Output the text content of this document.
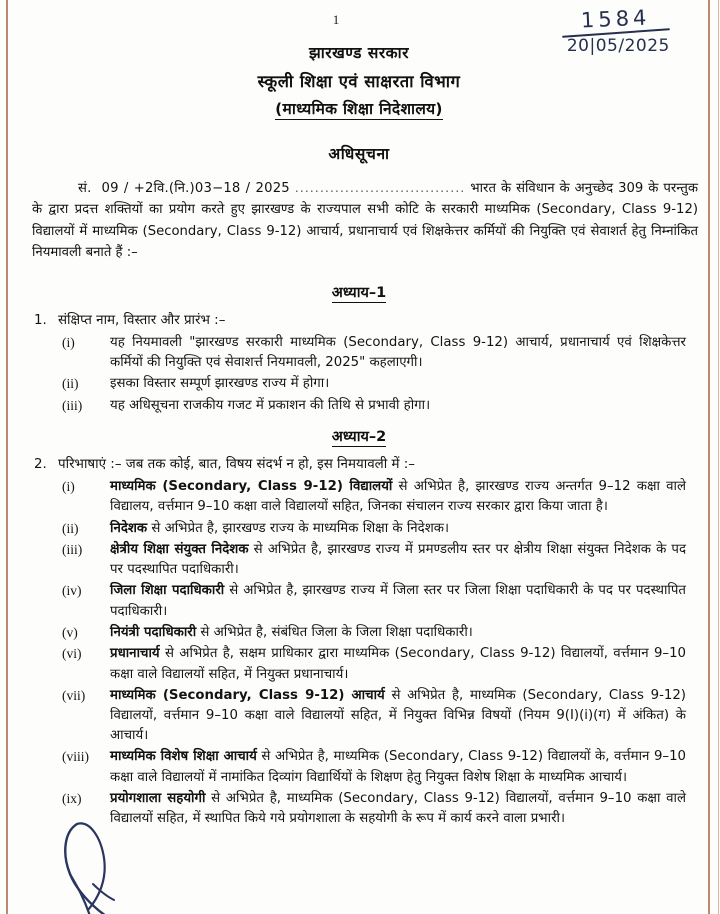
1	1584
20|05/2025
झारखण्ड सरकार
स्कूली शिक्षा एवं साक्षरता विभाग
(माध्यमिक शिक्षा निदेशालय)
अधिसूचना
सं. 09 / +2वि.(नि.)03−18 / 2025 .................................. भारत के संविधान के अनुच्छेद 309 के परन्तुक के द्वारा प्रदत्त शक्तियों का प्रयोग करते हुए झारखण्ड के राज्यपाल सभी कोटि के सरकारी माध्यमिक (Secondary, Class 9-12) विद्यालयों में माध्यमिक (Secondary, Class 9-12) आचार्य, प्रधानाचार्य एवं शिक्षकेत्तर कर्मियों की नियुक्ति एवं सेवाशर्त हेतु निम्नांकित नियमावली बनाते हैं :–
अध्याय–1
1. संक्षिप्त नाम, विस्तार और प्रारंभ :–
(i)	यह नियमावली "झारखण्ड सरकारी माध्यमिक (Secondary, Class 9-12) आचार्य, प्रधानाचार्य एवं शिक्षकेत्तर कर्मियों की नियुक्ति एवं सेवाशर्त्त नियमावली, 2025" कहलाएगी।
(ii)	इसका विस्तार सम्पूर्ण झारखण्ड राज्य में होगा।
(iii)	यह अधिसूचना राजकीय गजट में प्रकाशन की तिथि से प्रभावी होगा।
अध्याय–2
2. परिभाषाएं :– जब तक कोई, बात, विषय संदर्भ न हो, इस निमयावली में :–
(i)	माध्यमिक (Secondary, Class 9-12) विद्यालयों से अभिप्रेत है, झारखण्ड राज्य अन्तर्गत 9–12 कक्षा वाले विद्यालय, वर्त्तमान 9–10 कक्षा वाले विद्यालयों सहित, जिनका संचालन राज्य सरकार द्वारा किया जाता है।
(ii)	निदेशक से अभिप्रेत है, झारखण्ड राज्य के माध्यमिक शिक्षा के निदेशक।
(iii)	क्षेत्रीय शिक्षा संयुक्त निदेशक से अभिप्रेत है, झारखण्ड राज्य में प्रमण्डलीय स्तर पर क्षेत्रीय शिक्षा संयुक्त निदेशक के पद पर पदस्थापित पदाधिकारी।
(iv)	जिला शिक्षा पदाधिकारी से अभिप्रेत है, झारखण्ड राज्य में जिला स्तर पर जिला शिक्षा पदाधिकारी के पद पर पदस्थापित पदाधिकारी।
(v)	नियंत्री पदाधिकारी से अभिप्रेत है, संबंधित जिला के जिला शिक्षा पदाधिकारी।
(vi)	प्रधानाचार्य से अभिप्रेत है, सक्षम प्राधिकार द्वारा माध्यमिक (Secondary, Class 9-12) विद्यालयों, वर्त्तमान 9–10 कक्षा वाले विद्यालयों सहित, में नियुक्त प्रधानाचार्य।
(vii)	माध्यमिक (Secondary, Class 9-12) आचार्य से अभिप्रेत है, माध्यमिक (Secondary, Class 9-12) विद्यालयों, वर्त्तमान 9–10 कक्षा वाले विद्यालयों सहित, में नियुक्त विभिन्न विषयों (नियम 9(I)(i)(ग) में अंकित) के आचार्य।
(viii)	माध्यमिक विशेष शिक्षा आचार्य से अभिप्रेत है, माध्यमिक (Secondary, Class 9-12) विद्यालयों के, वर्त्तमान 9–10 कक्षा वाले विद्यालयों में नामांकित दिव्यांग विद्यार्थियों के शिक्षण हेतु नियुक्त विशेष शिक्षा के माध्यमिक आचार्य।
(ix)	प्रयोगशाला सहयोगी से अभिप्रेत है, माध्यमिक (Secondary, Class 9-12) विद्यालयों, वर्त्तमान 9–10 कक्षा वाले विद्यालयों सहित, में स्थापित किये गये प्रयोगशाला के सहयोगी के रूप में कार्य करने वाला प्रभारी।
